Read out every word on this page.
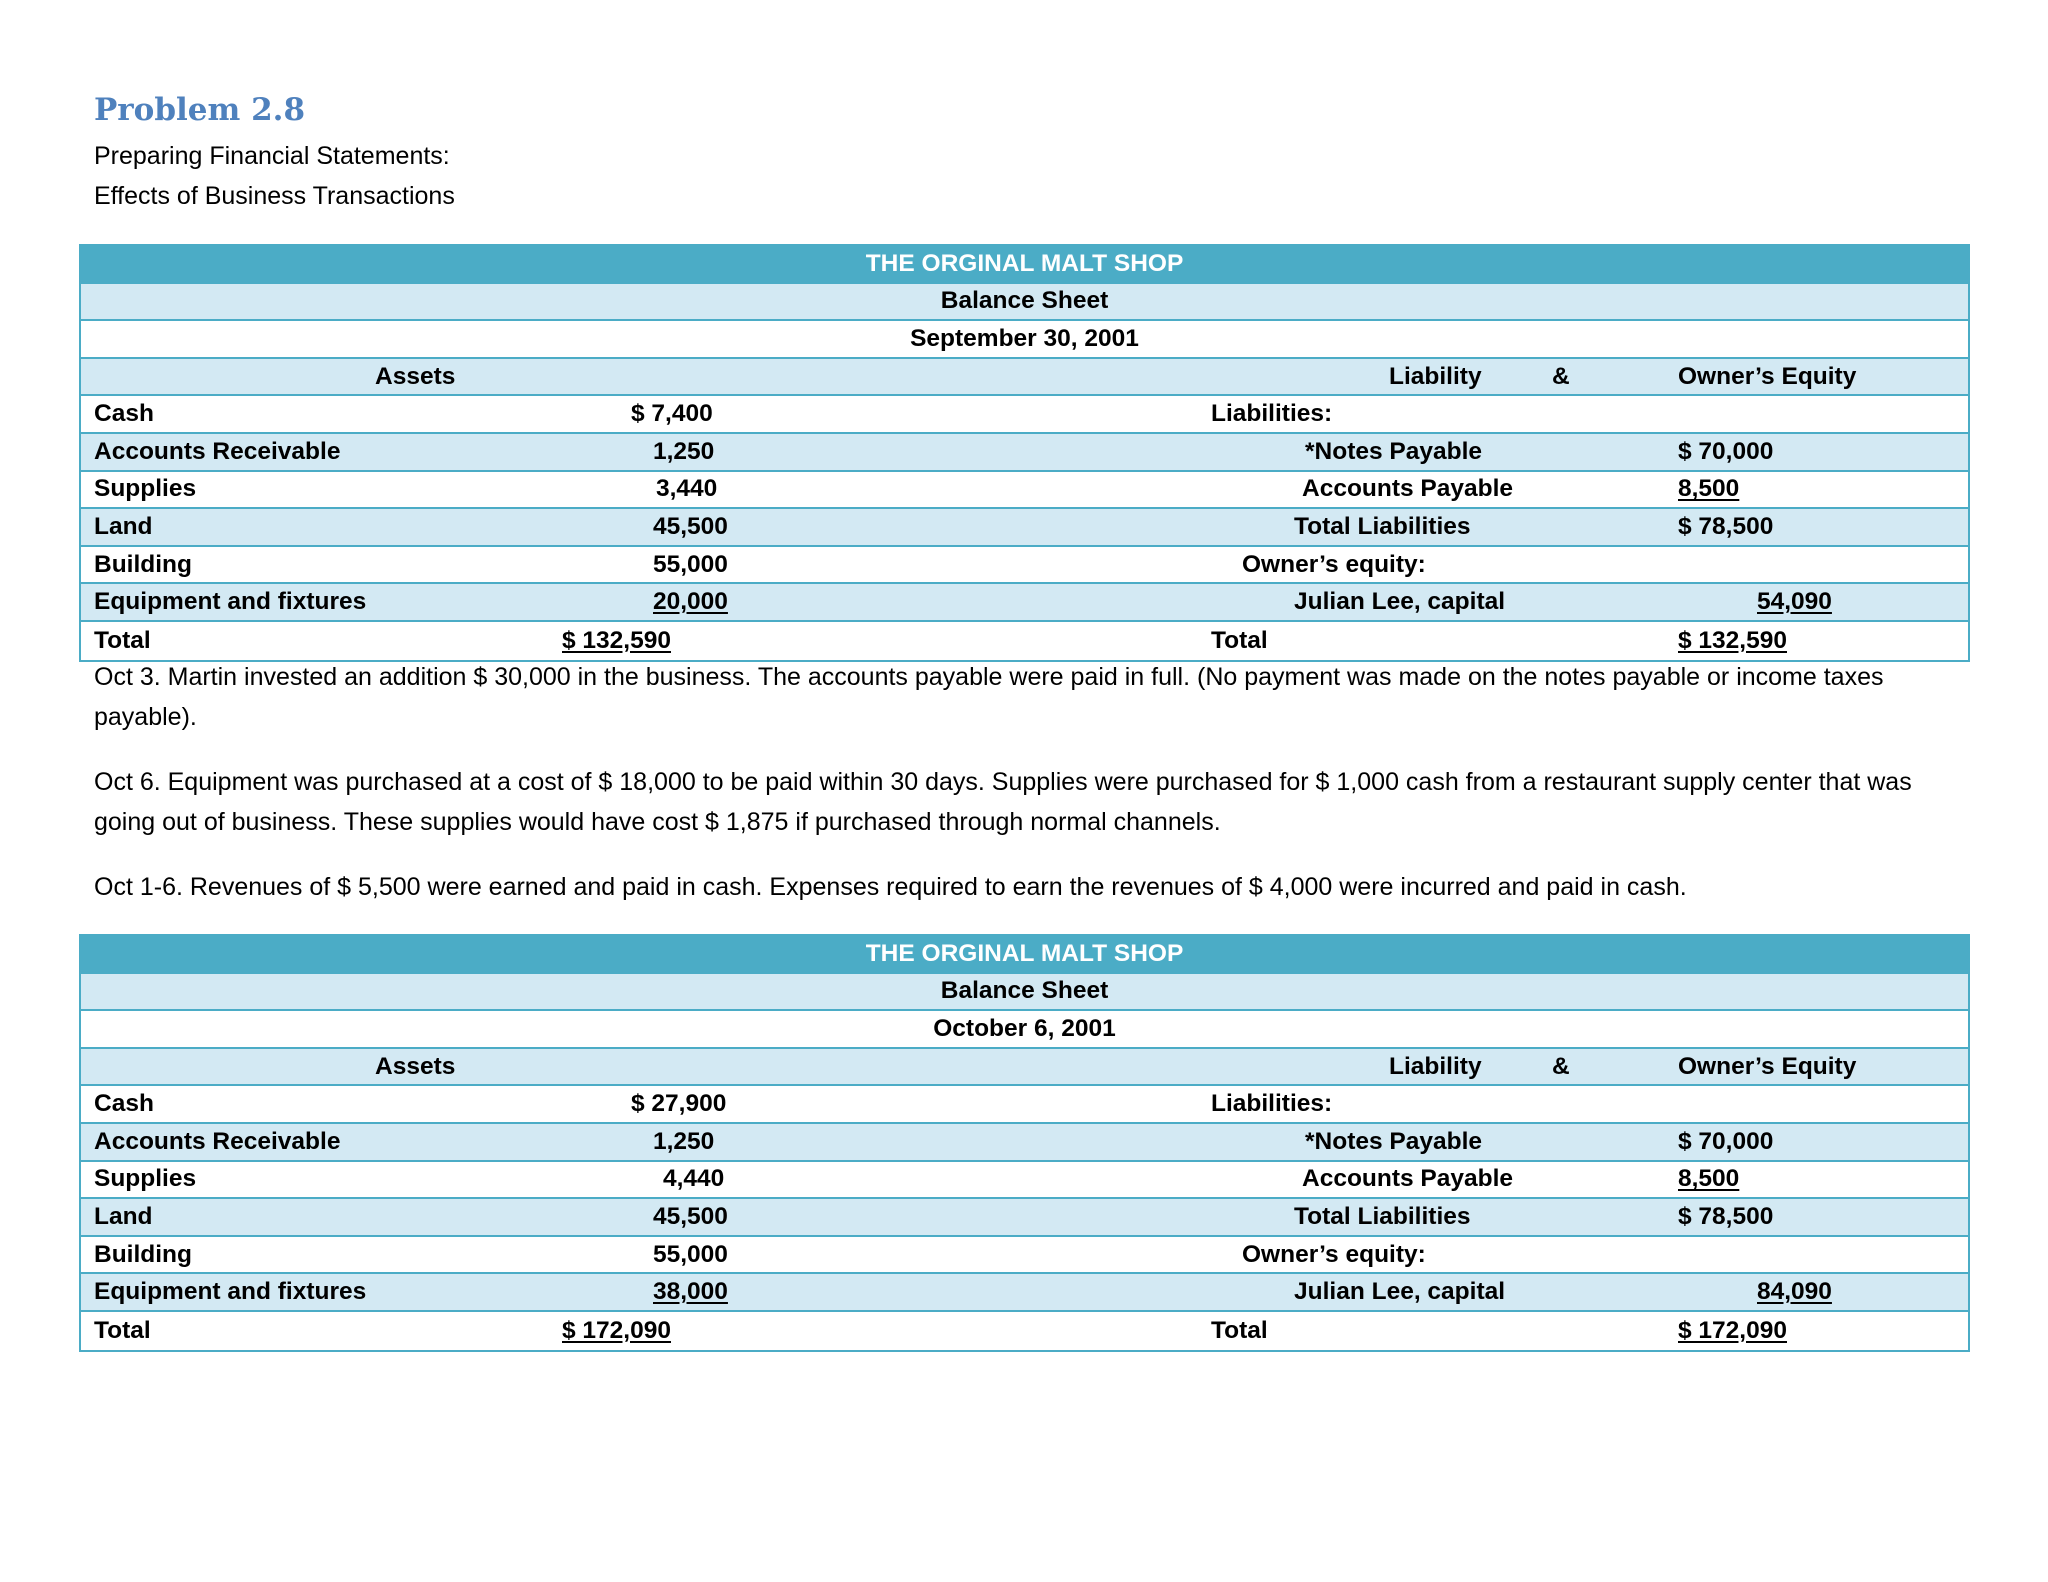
Problem 2.8
Preparing Financial Statements:
Effects of Business Transactions
THE ORGINAL MALT SHOP
Balance Sheet
September 30, 2001
Assets	Liability	&	Owner’s Equity
Cash	$ 7,400	Liabilities:
Accounts Receivable	1,250	*Notes Payable	$ 70,000
Supplies	3,440	Accounts Payable	8,500
Land	45,500	Total Liabilities	$ 78,500
Building	55,000	Owner’s equity:
Equipment and fixtures	20,000	Julian Lee, capital	54,090
Total	$ 132,590	Total	$ 132,590
Oct 3. Martin invested an addition $ 30,000 in the business. The accounts payable were paid in full. (No payment was made on the notes payable or income taxes payable).
Oct 6. Equipment was purchased at a cost of $ 18,000 to be paid within 30 days. Supplies were purchased for $ 1,000 cash from a restaurant supply center that was going out of business. These supplies would have cost $ 1,875 if purchased through normal channels.
Oct 1-6. Revenues of $ 5,500 were earned and paid in cash. Expenses required to earn the revenues of $ 4,000 were incurred and paid in cash.
THE ORGINAL MALT SHOP
Balance Sheet
October 6, 2001
Assets	Liability	&	Owner’s Equity
Cash	$ 27,900	Liabilities:
Accounts Receivable	1,250	*Notes Payable	$ 70,000
Supplies	4,440	Accounts Payable	8,500
Land	45,500	Total Liabilities	$ 78,500
Building	55,000	Owner’s equity:
Equipment and fixtures	38,000	Julian Lee, capital	84,090
Total	$ 172,090	Total	$ 172,090
